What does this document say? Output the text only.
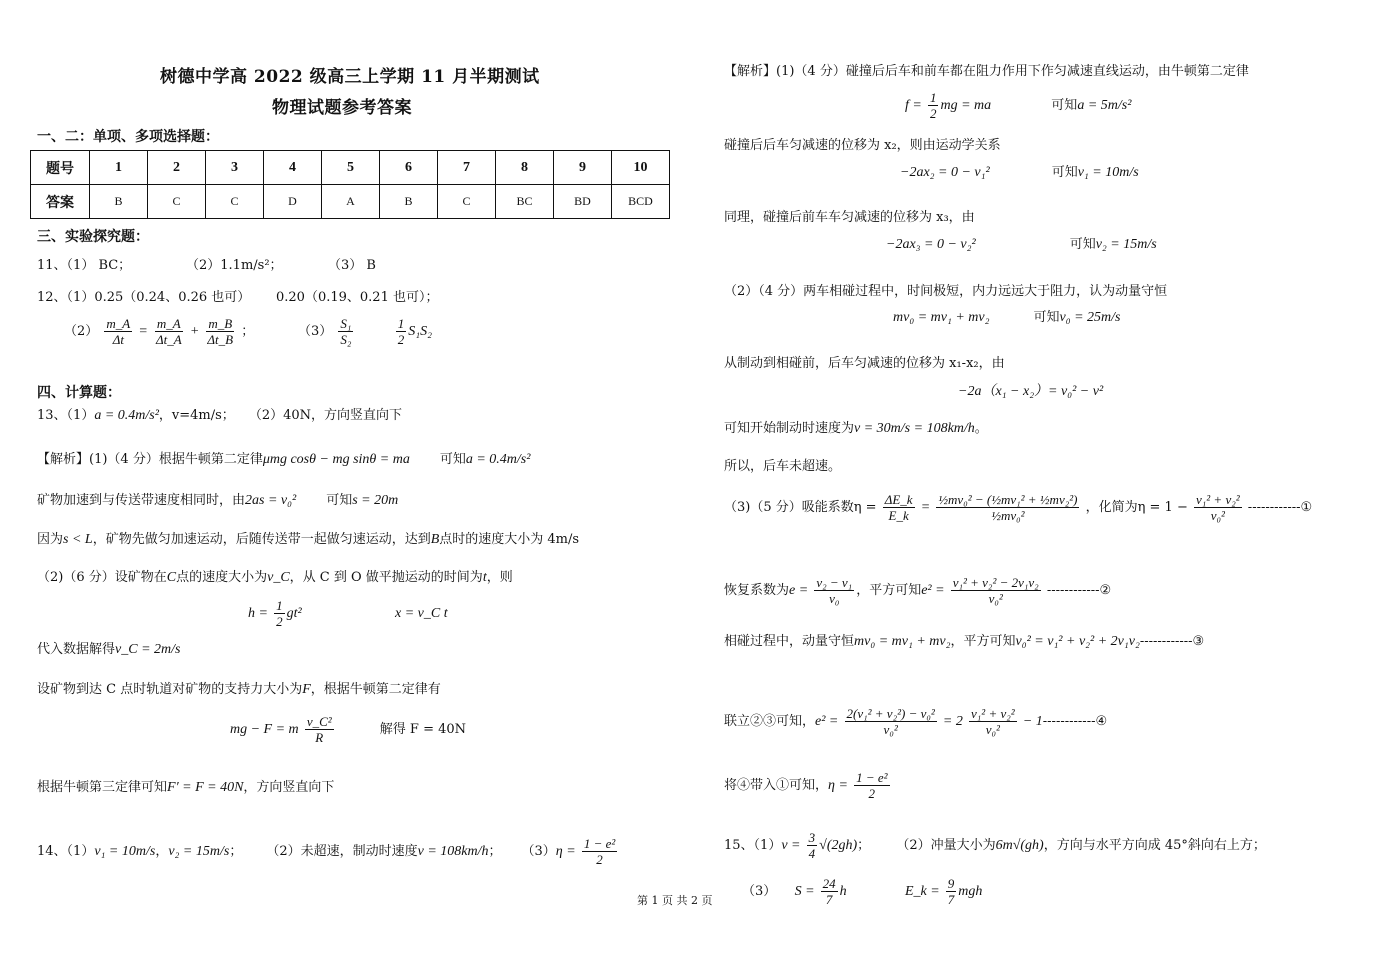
树德中学高 2022 级高三上学期 11 月半期测试
物理试题参考答案
一、二：单项、多项选择题：
题号	1	2	3	4	5	6	7	8	9	10
答案	B	C	C	D	A	B	C	BC	BD	BCD
三、实验探究题：
11、（1） BC；	（2）1.1m/s²；	（3） B
12、（1）0.25（0.24、0.26 也可） 0.20（0.19、0.21 也可）；
$(2) \frac{m\_A}{\Delta t} = \frac{m\_A}{\Delta t\_A} + \frac{m\_B}{\Delta t\_B}$ ；	$(3) \frac{\text{S₁}}{\text{S₂}}$
	$\frac{1}{2} S_1S_2$
四、计算题：
13、（1）a = 0.4m/s²，v=4m/s； （2）40N，方向竖直向下
【解析】(1)（4 分）根据牛顿第二定律μmg cosθ − mg sinθ = ma 可知a = 0.4m/s²
矿物加速到与传送带速度相同时，由2as = v₀² 可知s = 20m
因为s < L，矿物先做匀加速运动，后随传送带一起做匀速运动，达到B点时的速度大小为 4m/s
（2)（6 分）设矿物在C点的速度大小为v_C，从 C 到 O 做平抛运动的时间为t，则
$h = \frac{1}{2} gt^2$	x = v_C t
代入数据解得v_C = 2m/s
设矿物到达 C 点时轨道对矿物的支持力大小为F，根据牛顿第二定律有
mg − F = m $\frac{\text{v\_C²}}{R}$	解得 F = 40N
根据牛顿第三定律可知F′ = F = 40N，方向竖直向下
14、（1）v₁ = 10m/s，v₂ = 15m/s； （2）未超速，制动时速度v = 108km/h； $(3)\eta = \frac{\text{1 − e²}}{2}$
【解析】(1)（4 分）碰撞后后车和前车都在阻力作用下作匀减速直线运动，由牛顿第二定律
$f = \frac{1}{2}$ mg = ma	可知a = 5m/s²
碰撞后后车匀减速的位移为 x₂，则由运动学关系
−2ax₂ = 0 − v₁²	可知v₁ = 10m/s
同理，碰撞后前车车匀减速的位移为 x₃，由
−2ax₃ = 0 − v₂²	可知v₂ = 15m/s
（2）（4 分）两车相碰过程中，时间极短，内力远远大于阻力，认为动量守恒
mv₀ = mv₁ + mv₂	可知v₀ = 25m/s
从制动到相碰前，后车匀减速的位移为 x₁-x₂，由
−2a（x₁ − x₂）= v₀² − v²
可知开始制动时速度为v = 30m/s = 108km/h。
所以，后车未超速。
（3)（5 分）吸能系数$\eta = \frac{\Delta E\_k}{E\_k} = \frac{\text{½mv₀² − (½mv₁² + ½mv₂²)}}{\text{½mv₀²}}$ ，化简为$\eta = 1 - \frac{\text{v₁² + v₂²}}{\text{v₀²}}$ ------------①
恢复系数为$e = \frac{\text{v₂ − v₁}}{\text{v₀}}$ ，平方可知$e^2 = \frac{\text{v₁² + v₂² − 2v₁v₂}}{\text{v₀²}}$ ------------②
相碰过程中，动量守恒mv₀ = mv₁ + mv₂，平方可知v₀² = v₁² + v₂² + 2v₁v₂------------③
联立②③可知，$e^2 = \frac{\text{2(v₁² + v₂²) − v₀²}}{\text{v₀²}} = 2 \frac{\text{v₁² + v₂²}}{\text{v₀²}}$ − 1------------④
将④带入①可知，$\eta = \frac{\text{1 − e²}}{2}$
15、$(1)v = \frac{3}{4} √(2gh)$； （2）冲量大小为6m√(gh)，方向与水平方向成 45°斜向右上方；
（3） $S = \frac{24}{7}$ h	E_k = $\frac{9}{7}$ mgh
第 1 页 共 2 页
